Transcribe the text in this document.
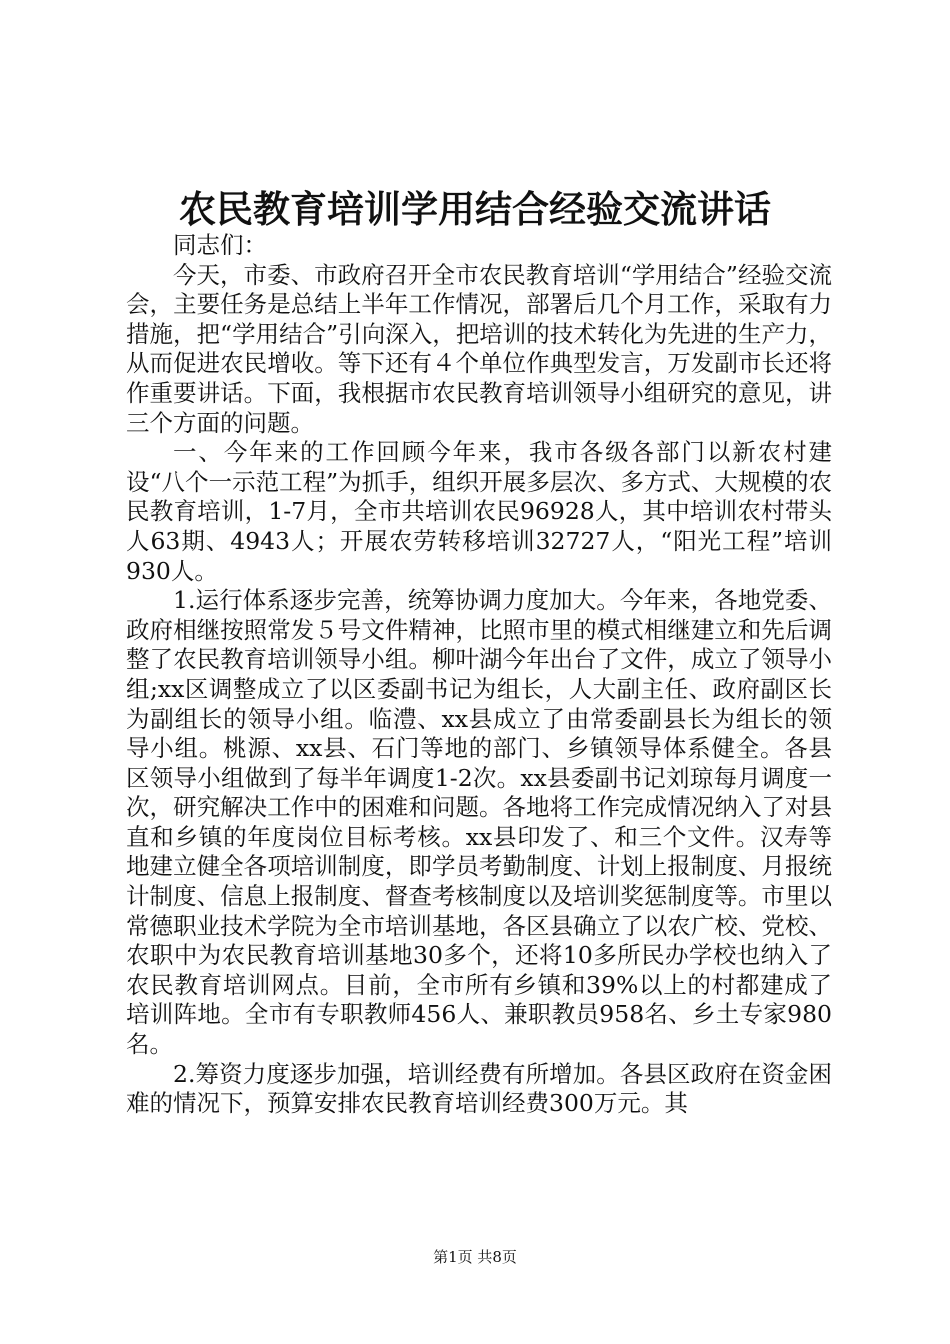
农民教育培训学用结合经验交流讲话

同志们：

今天，市委、市政府召开全市农民教育培训“学用结合”经验交流会，主要任务是总结上半年工作情况，部署后几个月工作，采取有力措施，把“学用结合”引向深入，把培训的技术转化为先进的生产力，从而促进农民增收。等下还有４个单位作典型发言，万发副市长还将作重要讲话。下面，我根据市农民教育培训领导小组研究的意见，讲三个方面的问题。

一、今年来的工作回顾今年来，我市各级各部门以新农村建设“八个一示范工程”为抓手，组织开展多层次、多方式、大规模的农民教育培训，1-7月，全市共培训农民96928人，其中培训农村带头人63期、4943人；开展农劳转移培训32727人，“阳光工程”培训930人。

1.运行体系逐步完善，统筹协调力度加大。今年来，各地党委、政府相继按照常发５号文件精神，比照市里的模式相继建立和先后调整了农民教育培训领导小组。柳叶湖今年出台了文件，成立了领导小组;xx区调整成立了以区委副书记为组长，人大副主任、政府副区长为副组长的领导小组。临澧、xx县成立了由常委副县长为组长的领导小组。桃源、xx县、石门等地的部门、乡镇领导体系健全。各县区领导小组做到了每半年调度1-2次。xx县委副书记刘琼每月调度一次，研究解决工作中的困难和问题。各地将工作完成情况纳入了对县直和乡镇的年度岗位目标考核。xx县印发了、和三个文件。汉寿等地建立健全各项培训制度，即学员考勤制度、计划上报制度、月报统计制度、信息上报制度、督查考核制度以及培训奖惩制度等。市里以常德职业技术学院为全市培训基地，各区县确立了以农广校、党校、农职中为农民教育培训基地30多个，还将10多所民办学校也纳入了农民教育培训网点。目前，全市所有乡镇和39%以上的村都建成了培训阵地。全市有专职教师456人、兼职教员958名、乡土专家980名。

2.筹资力度逐步加强，培训经费有所增加。各县区政府在资金困难的情况下，预算安排农民教育培训经费300万元。其

第1页 共8页
